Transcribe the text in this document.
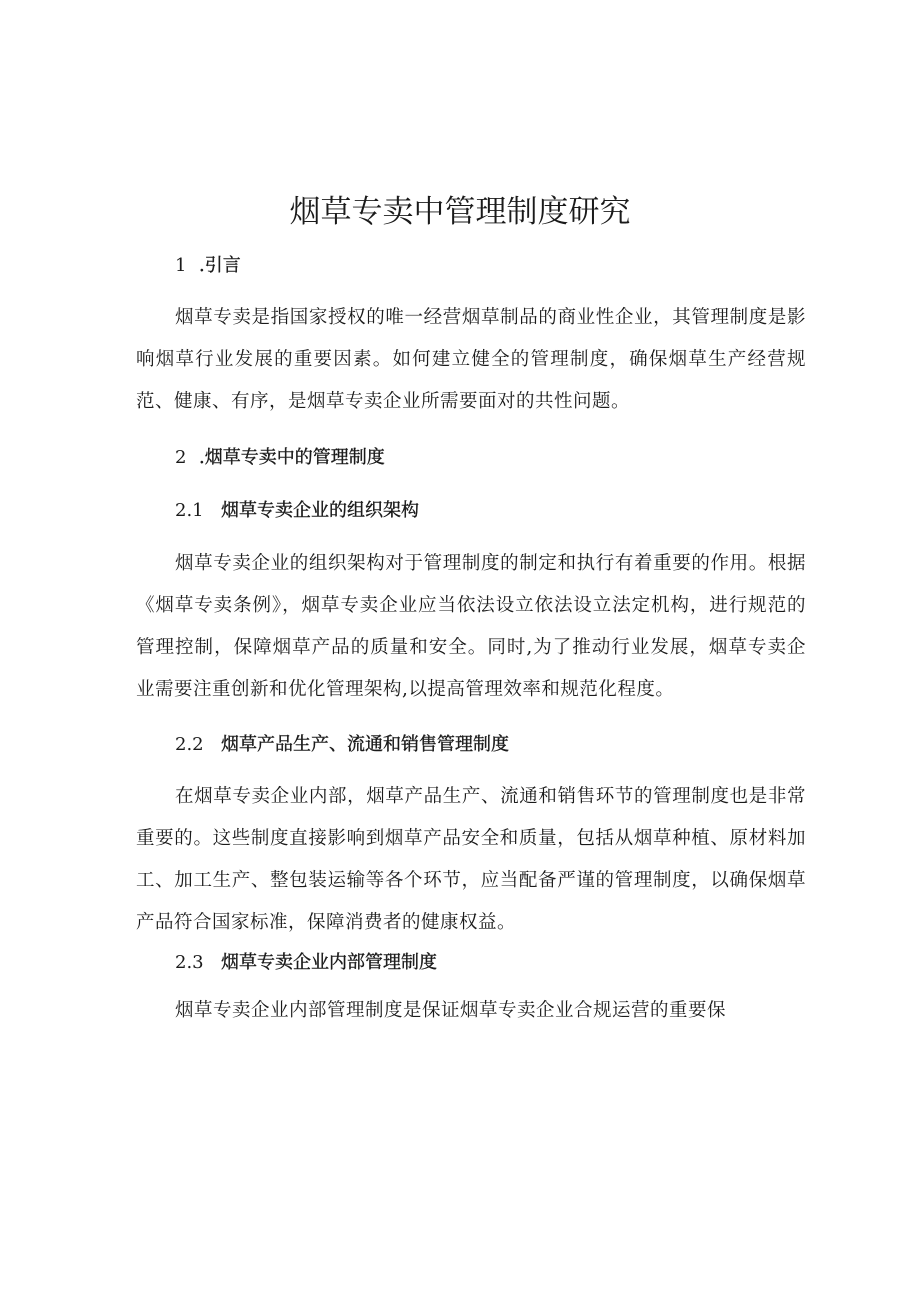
烟草专卖中管理制度研究
1 .引言

烟草专卖是指国家授权的唯一经营烟草制品的商业性企业，其管理制度是影响烟草行业发展的重要因素。如何建立健全的管理制度，确保烟草生产经营规范、健康、有序，是烟草专卖企业所需要面对的共性问题。

2 .烟草专卖中的管理制度
2.1 烟草专卖企业的组织架构

烟草专卖企业的组织架构对于管理制度的制定和执行有着重要的作用。根据《烟草专卖条例》，烟草专卖企业应当依法设立依法设立法定机构，进行规范的管理控制，保障烟草产品的质量和安全。同时,为了推动行业发展，烟草专卖企业需要注重创新和优化管理架构,以提高管理效率和规范化程度。

2.2 烟草产品生产、流通和销售管理制度

在烟草专卖企业内部，烟草产品生产、流通和销售环节的管理制度也是非常重要的。这些制度直接影响到烟草产品安全和质量，包括从烟草种植、原材料加工、加工生产、整包装运输等各个环节，应当配备严谨的管理制度，以确保烟草产品符合国家标准，保障消费者的健康权益。

2.3 烟草专卖企业内部管理制度

烟草专卖企业内部管理制度是保证烟草专卖企业合规运营的重要保
